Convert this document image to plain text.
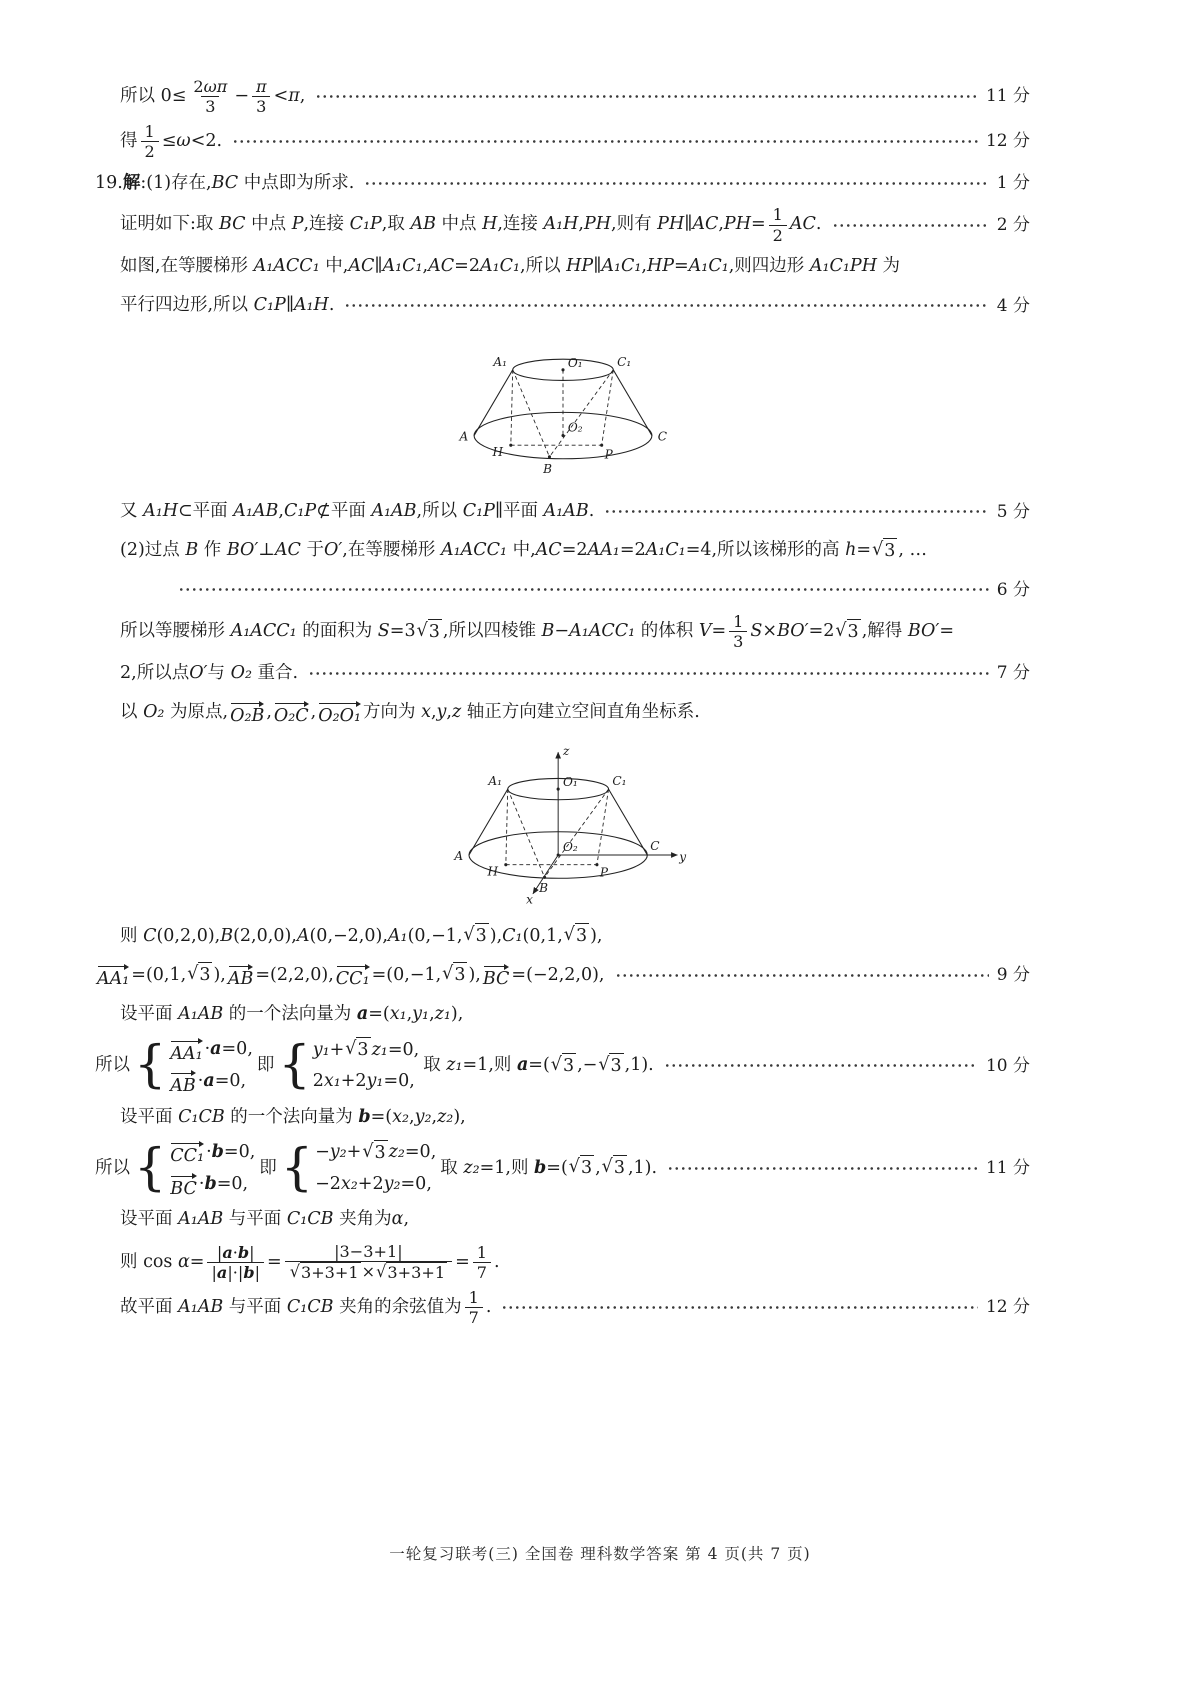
所以 $0\le \frac{2\omega\pi}{3} - \frac{\pi}{3} <\pi$,	11 分
得 $\frac{1}{2} \le\omega<2$.	12 分
19. 解 :(1)存在,BC 中点即为所求.	1 分
证明如下:取 BC 中点 P,连接 C₁P,取 AB 中点 H,连接 A₁H,PH,则有 PH∥AC,PH= $\frac{1}{2}$ AC.	2 分
如图,在等腰梯形 A₁ACC₁ 中,AC∥A₁C₁,AC=2A₁C₁,所以 HP∥A₁C₁,HP=A₁C₁,则四边形 A₁C₁PH 为
平行四边形,所以 C₁P∥A₁H.	4 分
A₁	O₁	C₁
A
H
O₂
C
B
P
又 A₁H⊂平面 A₁AB,C₁P⊄平面 A₁AB,所以 C₁P∥平面 A₁AB.	5 分
(2)过点 B 作 BO′⊥AC 于O′,在等腰梯形 A₁ACC₁ 中,AC=2AA₁=2A₁C₁=4,所以该梯形的高 h= √ 3 , …
6 分
所以等腰梯形 A₁ACC₁ 的面积为 S=3 √ 3 ,所以四棱锥 B−A₁ACC₁ 的体积 $V= \frac{1}{3} S\times BO'=2$ √ 3 ,解得 BO′=
2,所以点O′与 O₂ 重合.	7 分
以 O₂ 为原点, O₂B , O₂C , O₂O₁ 方向为 x,y,z 轴正方向建立空间直角坐标系.
z
A₁	O₁	C₁
A
H
O₂	C
y
B
P
x
则 C(0,2,0),B(2,0,0),A(0,−2,0),A₁(0,−1, √ 3 ),C₁(0,1, √ 3 ),
AA₁ =(0,1, √ 3 ), AB =(2,2,0), CC₁ =(0,−1, √ 3 ), BC =(−2,2,0),	9 分
设平面 A₁AB 的一个法向量为 a =(x₁,y₁,z₁),
所以 { AA₁ · a =0,
AB · a =0,
即 { y₁+ √ 3 z₁=0,
2x₁+2y₁=0,
取 z₁=1,则 a =( √ 3 ,− √ 3 ,1).	10 分
设平面 C₁CB 的一个法向量为 b =(x₂,y₂,z₂),
所以 { CC₁ · b =0,
BC · b =0,
即 { −y₂+ √ 3 z₂=0,
−2x₂+2y₂=0,
取 z₂=1,则 b =( √ 3 , √ 3 ,1).	11 分
设平面 A₁AB 与平面 C₁CB 夹角为α,
则 $\cos \alpha= \frac{|a\cdot b|}{|a|\cdot|b|} = \frac{|3-3+1|}{√ 3+3+1 \times √ 3+3+1} = \frac{1}{7}$ .
故平面 A₁AB 与平面 C₁CB 夹角的余弦值为 $\frac{1}{7}$ .	12 分
一轮复习联考(三) 全国卷 理科数学答案 第 4 页(共 7 页)
